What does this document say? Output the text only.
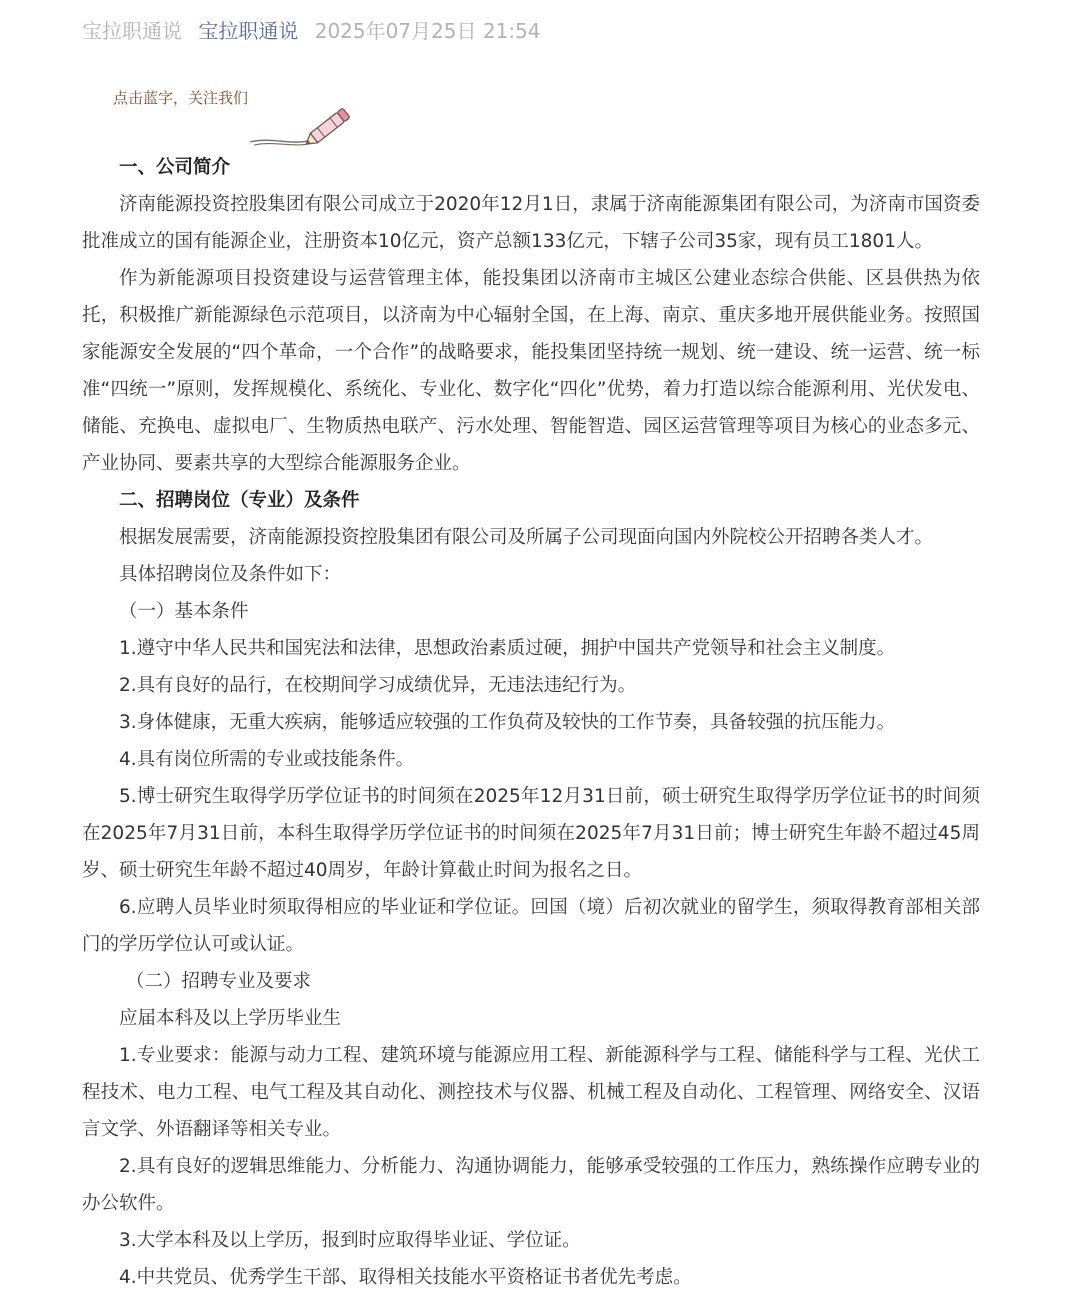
宝拉职通说 宝拉职通说 2025年07月25日 21:54
点击蓝字，关注我们

一、公司简介

济南能源投资控股集团有限公司成立于2020年12月1日，隶属于济南能源集团有限公司，为济南市国资委批准成立的国有能源企业，注册资本10亿元，资产总额133亿元，下辖子公司35家，现有员工1801人。

作为新能源项目投资建设与运营管理主体，能投集团以济南市主城区公建业态综合供能、区县供热为依托，积极推广新能源绿色示范项目，以济南为中心辐射全国，在上海、南京、重庆多地开展供能业务。按照国家能源安全发展的“四个革命，一个合作”的战略要求，能投集团坚持统一规划、统一建设、统一运营、统一标准“四统一”原则，发挥规模化、系统化、专业化、数字化“四化”优势，着力打造以综合能源利用、光伏发电、储能、充换电、虚拟电厂、生物质热电联产、污水处理、智能智造、园区运营管理等项目为核心的业态多元、产业协同、要素共享的大型综合能源服务企业。

二、招聘岗位（专业）及条件

根据发展需要，济南能源投资控股集团有限公司及所属子公司现面向国内外院校公开招聘各类人才。

具体招聘岗位及条件如下：

（一）基本条件

1.遵守中华人民共和国宪法和法律，思想政治素质过硬，拥护中国共产党领导和社会主义制度。

2.具有良好的品行，在校期间学习成绩优异，无违法违纪行为。

3.身体健康，无重大疾病，能够适应较强的工作负荷及较快的工作节奏，具备较强的抗压能力。

4.具有岗位所需的专业或技能条件。

5.博士研究生取得学历学位证书的时间须在2025年12月31日前，硕士研究生取得学历学位证书的时间须在2025年7月31日前，本科生取得学历学位证书的时间须在2025年7月31日前；博士研究生年龄不超过45周岁、硕士研究生年龄不超过40周岁，年龄计算截止时间为报名之日。

6.应聘人员毕业时须取得相应的毕业证和学位证。回国（境）后初次就业的留学生，须取得教育部相关部门的学历学位认可或认证。

（二）招聘专业及要求

应届本科及以上学历毕业生

1.专业要求：能源与动力工程、建筑环境与能源应用工程、新能源科学与工程、储能科学与工程、光伏工程技术、电力工程、电气工程及其自动化、测控技术与仪器、机械工程及自动化、工程管理、网络安全、汉语言文学、外语翻译等相关专业。

2.具有良好的逻辑思维能力、分析能力、沟通协调能力，能够承受较强的工作压力，熟练操作应聘专业的办公软件。

3.大学本科及以上学历，报到时应取得毕业证、学位证。

4.中共党员、优秀学生干部、取得相关技能水平资格证书者优先考虑。
